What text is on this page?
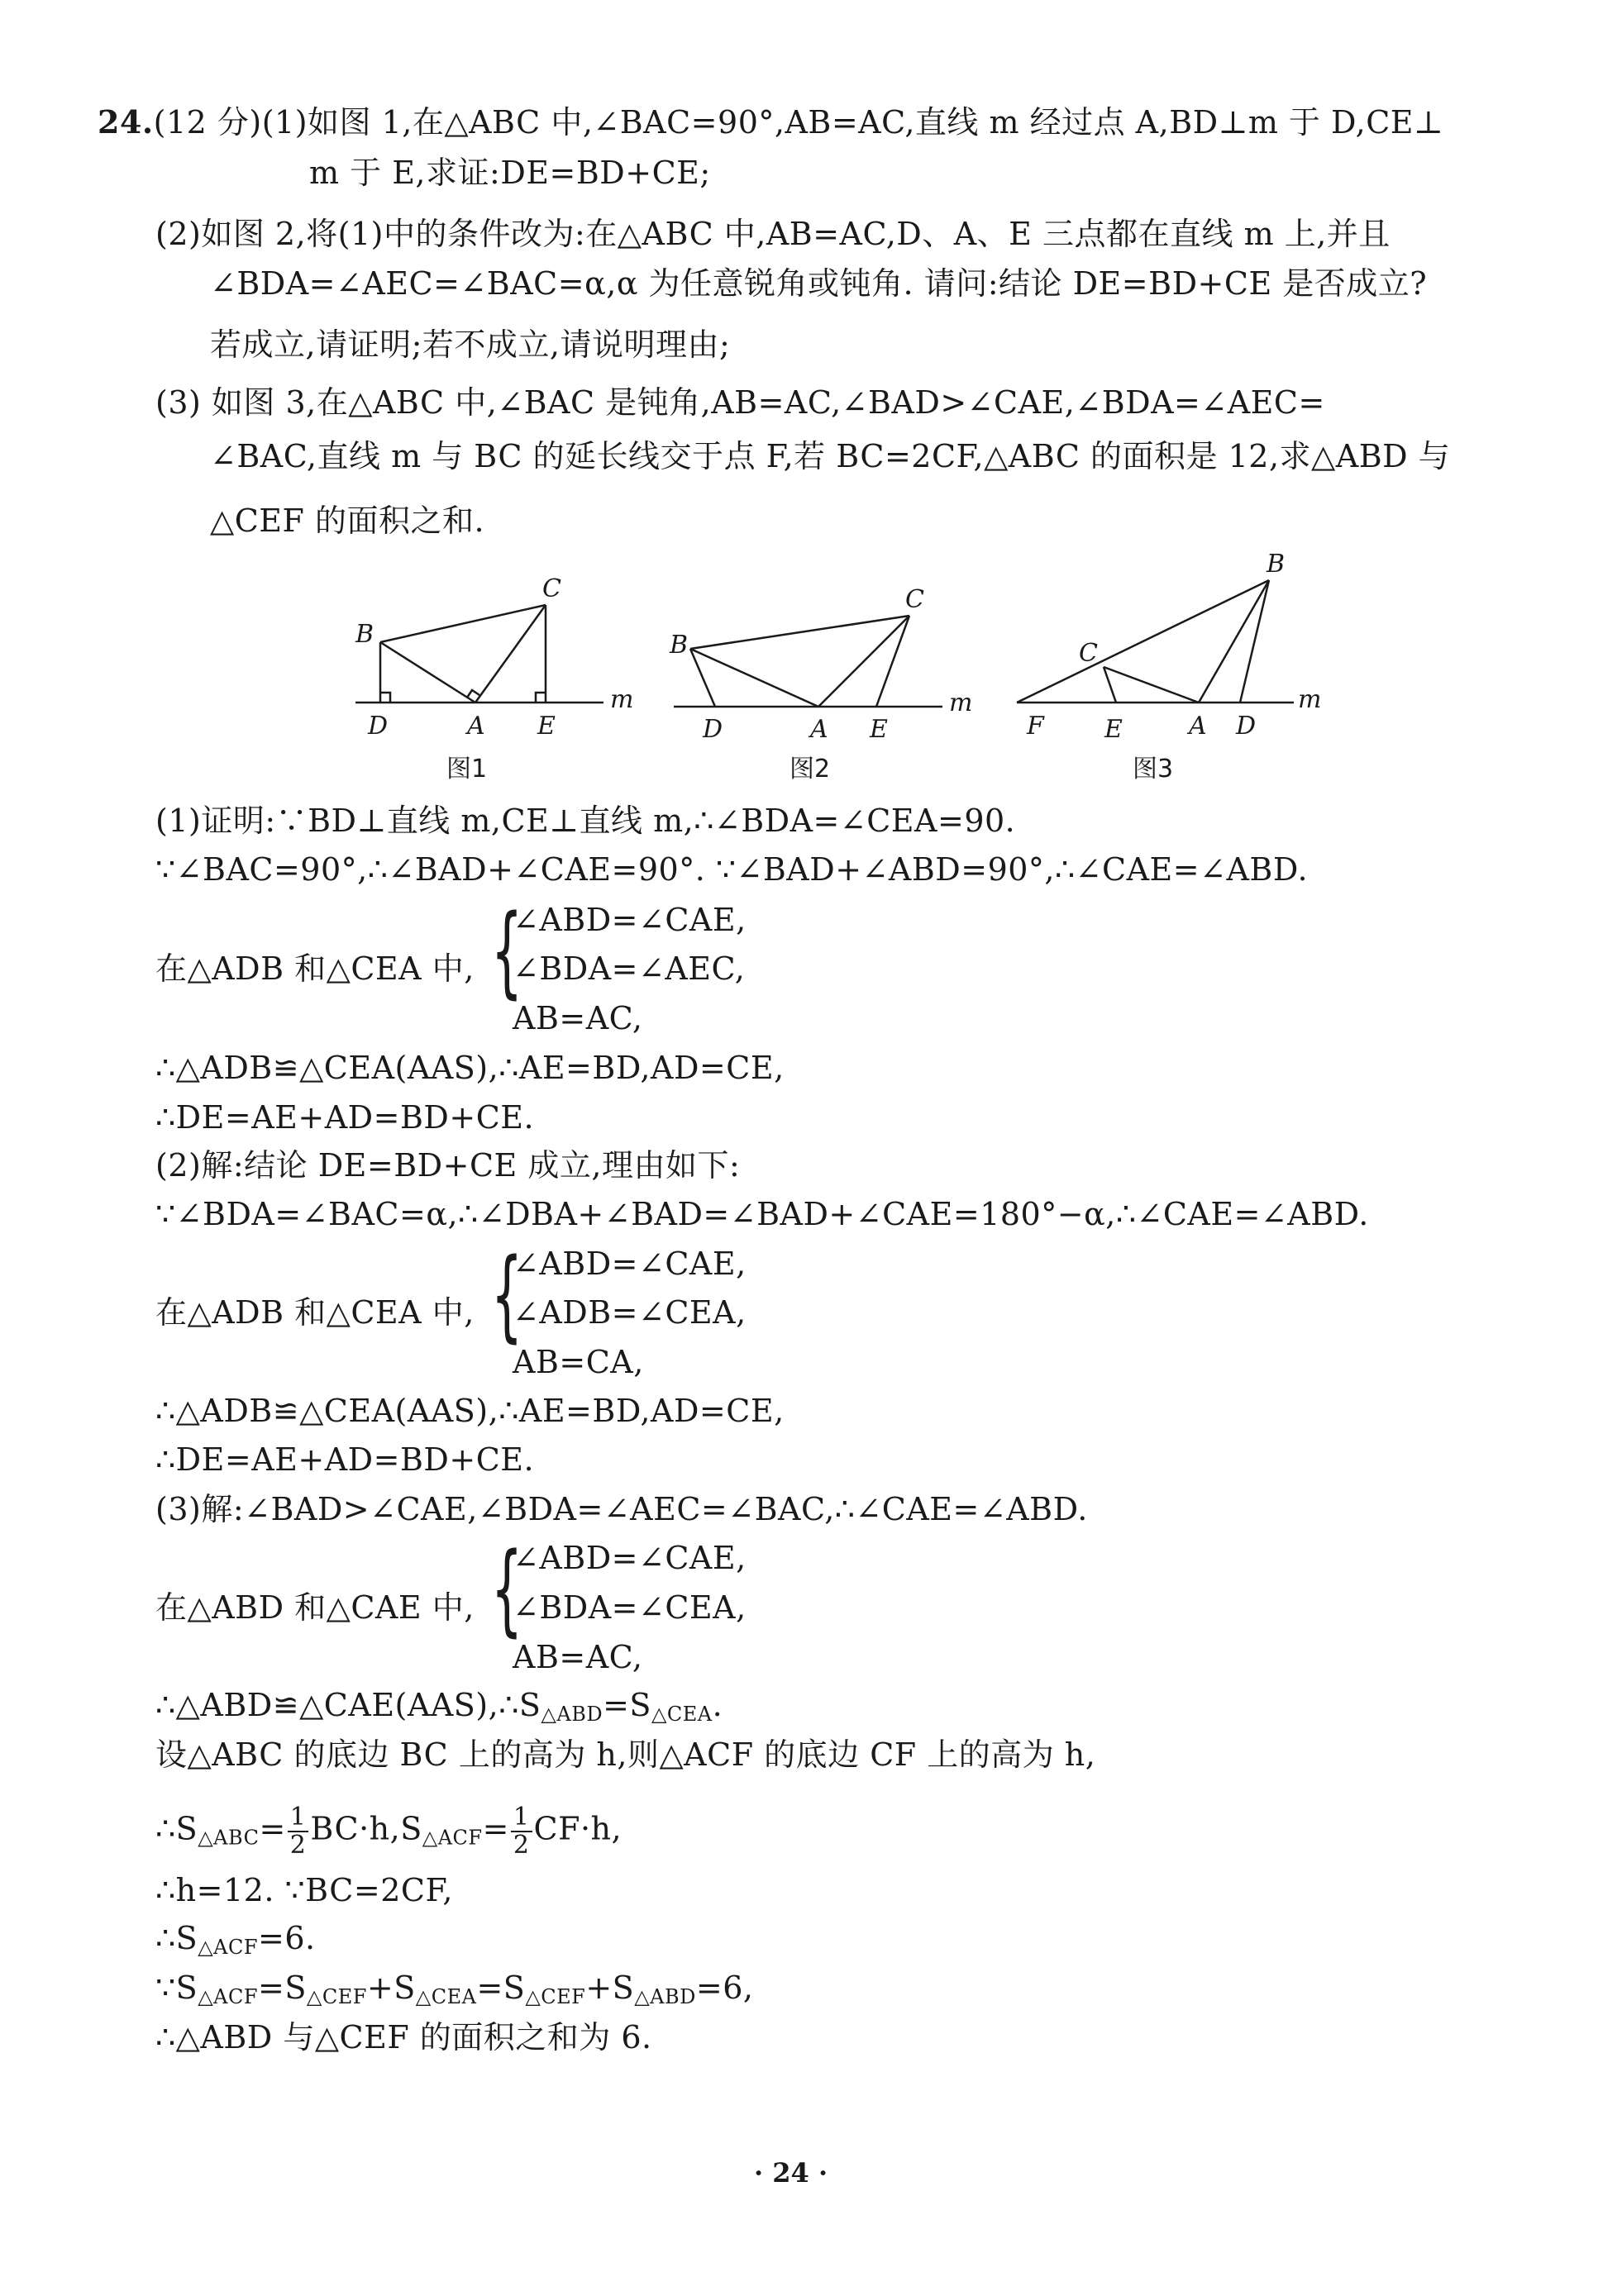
24.(12 分)(1)如图 1,在△ABC 中,∠BAC=90°,AB=AC,直线 m 经过点 A,BD⊥m 于 D,CE⊥
m 于 E,求证:DE=BD+CE;
(2)如图 2,将(1)中的条件改为:在△ABC 中,AB=AC,D、A、E 三点都在直线 m 上,并且
∠BDA=∠AEC=∠BAC=α,α 为任意锐角或钝角. 请问:结论 DE=BD+CE 是否成立?
若成立,请证明;若不成立,请说明理由;
(3) 如图 3,在△ABC 中,∠BAC 是钝角,AB=AC,∠BAD>∠CAE,∠BDA=∠AEC=
∠BAC,直线 m 与 BC 的延长线交于点 F,若 BC=2CF,△ABC 的面积是 12,求△ABD 与
△CEF 的面积之和.
B
C
D	A E
m
B
C
D	A E
m
B
C
F E	A D
m
图1	图2	图3
(1)证明:∵BD⊥直线 m,CE⊥直线 m,∴∠BDA=∠CEA=90.
∵∠BAC=90°,∴∠BAD+∠CAE=90°. ∵∠BAD+∠ABD=90°,∴∠CAE=∠ABD.
在△ADB 和△CEA 中, {
∠ABD=∠CAE,
∠BDA=∠AEC,
AB=AC,
∴△ADB≌△CEA(AAS),∴AE=BD,AD=CE,
∴DE=AE+AD=BD+CE.
(2)解:结论 DE=BD+CE 成立,理由如下:
∵∠BDA=∠BAC=α,∴∠DBA+∠BAD=∠BAD+∠CAE=180°−α,∴∠CAE=∠ABD.
在△ADB 和△CEA 中, {
∠ABD=∠CAE,
∠ADB=∠CEA,
AB=CA,
∴△ADB≌△CEA(AAS),∴AE=BD,AD=CE,
∴DE=AE+AD=BD+CE.
(3)解:∠BAD>∠CAE,∠BDA=∠AEC=∠BAC,∴∠CAE=∠ABD.
在△ABD 和△CAE 中, {
∠ABD=∠CAE,
∠BDA=∠CEA,
AB=AC,
$\therefore\triangle ABD≌\triangle CAE(AAS),\therefore S_{\triangle ABD}=S_{\triangle CEA}$.
设△ABC 的底边 BC 上的高为 h,则△ACF 的底边 CF 上的高为 h,
$\therefore S_{\triangle ABC}= \frac{1}{2} BC\cdot h,S_{\triangle ACF}= \frac{1}{2} CF\cdot h$,
∴h=12. ∵BC=2CF,
$\therefore S_{\triangle ACF}=6$.
$\because S_{\triangle ACF}=S_{\triangle CEF}+S_{\triangle CEA}=S_{\triangle CEF}+S_{\triangle ABD}=6$,
∴△ABD 与△CEF 的面积之和为 6.
· 24 ·
